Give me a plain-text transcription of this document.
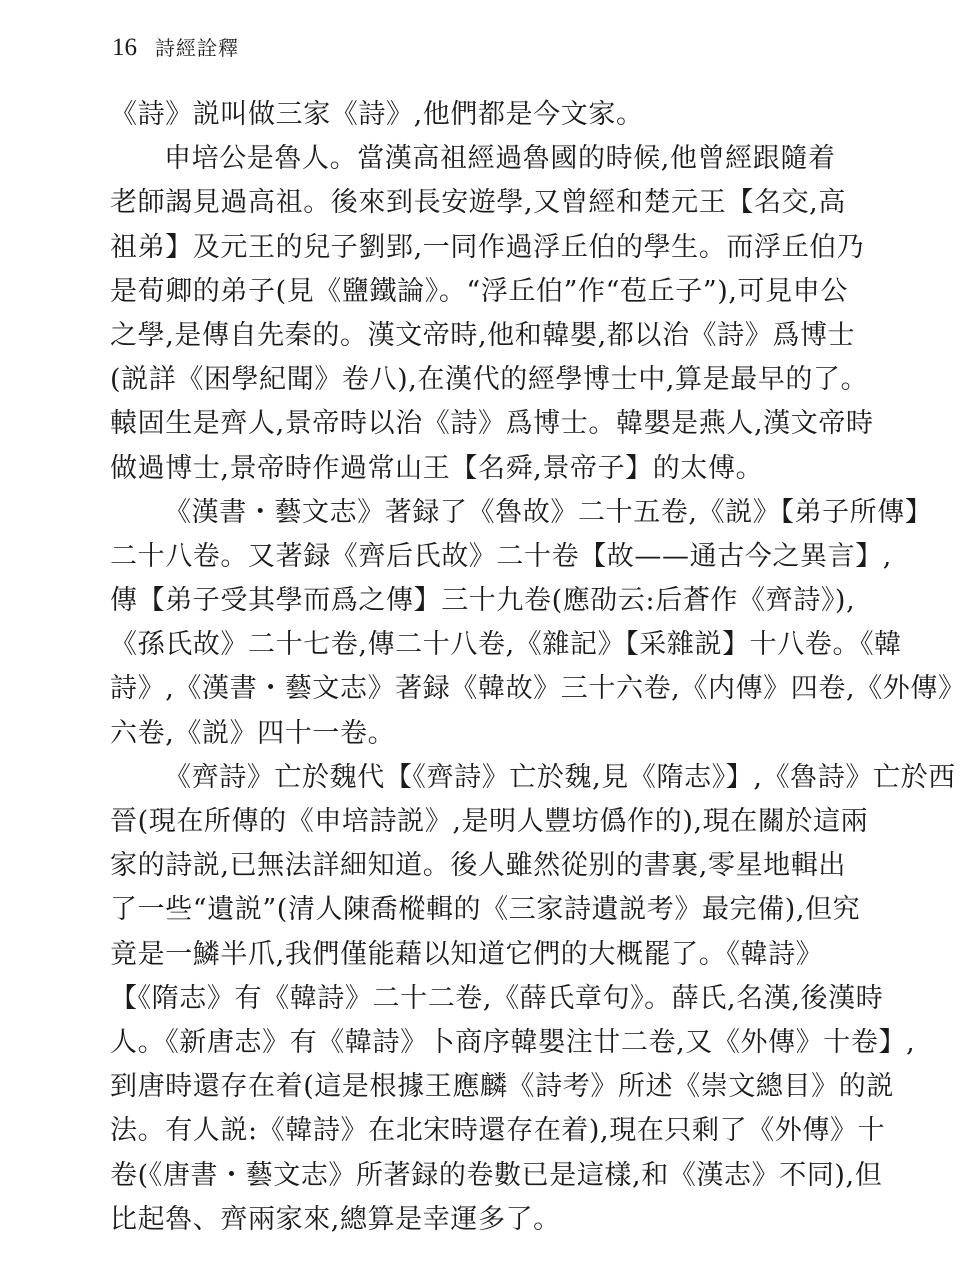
16 詩經詮釋
《詩》説叫做三家《詩》,他們都是今文家。
申培公是魯人。當漢高祖經過魯國的時候,他曾經跟隨着
老師謁見過高祖。後來到長安遊學,又曾經和楚元王【名交,高
祖弟】及元王的兒子劉郢,一同作過浮丘伯的學生。而浮丘伯乃
是荀卿的弟子(見《鹽鐵論》。“浮丘伯”作“苞丘子”),可見申公
之學,是傳自先秦的。漢文帝時,他和韓嬰,都以治《詩》爲博士
(説詳《困學紀聞》卷八),在漢代的經學博士中,算是最早的了。
轅固生是齊人,景帝時以治《詩》爲博士。韓嬰是燕人,漢文帝時
做過博士,景帝時作過常山王【名舜,景帝子】的太傅。
《漢書・藝文志》著録了《魯故》二十五卷,《説》【弟子所傳】
二十八卷。又著録《齊后氏故》二十卷【故——通古今之異言】,
傳【弟子受其學而爲之傳】三十九卷(應劭云:后蒼作《齊詩》),
《孫氏故》二十七卷,傳二十八卷,《雜記》【采雜説】十八卷。《韓
詩》,《漢書・藝文志》著録《韓故》三十六卷,《内傳》四卷,《外傳》
六卷,《説》四十一卷。
《齊詩》亡於魏代【《齊詩》亡於魏,見《隋志》】,《魯詩》亡於西
晉(現在所傳的《申培詩説》,是明人豐坊僞作的),現在關於這兩
家的詩説,已無法詳細知道。後人雖然從别的書裏,零星地輯出
了一些“遺説”(清人陳喬樅輯的《三家詩遺説考》最完備),但究
竟是一鱗半爪,我們僅能藉以知道它們的大概罷了。《韓詩》
【《隋志》有《韓詩》二十二卷,《薛氏章句》。薛氏,名漢,後漢時
人。《新唐志》有《韓詩》卜商序韓嬰注廿二卷,又《外傳》十卷】,
到唐時還存在着(這是根據王應麟《詩考》所述《崇文總目》的説
法。有人説:《韓詩》在北宋時還存在着),現在只剩了《外傳》十
卷(《唐書・藝文志》所著録的卷數已是這樣,和《漢志》不同),但
比起魯、齊兩家來,總算是幸運多了。
